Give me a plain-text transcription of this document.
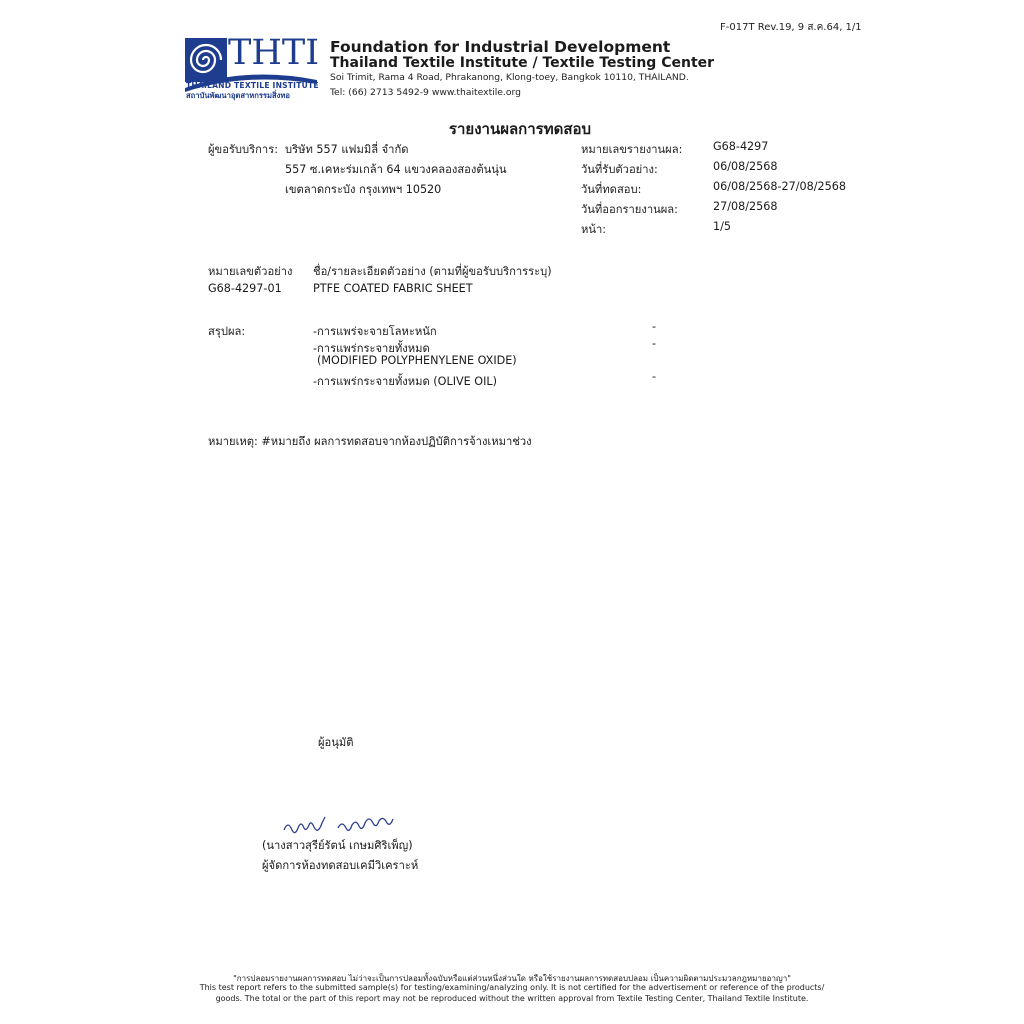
F-017T Rev.19, 9 ส.ค.64, 1/1
THTI
THAILAND TEXTILE INSTITUTE
สถาบันพัฒนาอุตสาหกรรมสิ่งทอ
Foundation for Industrial Development
Thailand Textile Institute / Textile Testing Center
Soi Trimit, Rama 4 Road, Phrakanong, Klong-toey, Bangkok 10110, THAILAND.
Tel: (66) 2713 5492-9 www.thaitextile.org
รายงานผลการทดสอบ
ผู้ขอรับบริการ: บริษัท 557 แฟมมิลี่ จำกัด
557 ซ.เคหะร่มเกล้า 64 แขวงคลองสองต้นนุ่น
เขตลาดกระบัง กรุงเทพฯ 10520
หมายเลขรายงานผล:	G68-4297
วันที่รับตัวอย่าง:	06/08/2568
วันที่ทดสอบ:	06/08/2568-27/08/2568
วันที่ออกรายงานผล:	27/08/2568
หน้า:	1/5
หมายเลขตัวอย่าง ชื่อ/รายละเอียดตัวอย่าง (ตามที่ผู้ขอรับบริการระบุ)
G68-4297-01	PTFE COATED FABRIC SHEET
สรุปผล:	-การแพร่จะจายโลหะหนัก	-
-การแพร่กระจายทั้งหมด
(MODIFIED POLYPHENYLENE OXIDE)
-
-การแพร่กระจายทั้งหมด (OLIVE OIL)	-
หมายเหตุ: #หมายถึง ผลการทดสอบจากห้องปฏิบัติการจ้างเหมาช่วง
ผู้อนุมัติ
(นางสาวสุรีย์รัตน์ เกษมศิริเพ็ญ)
ผู้จัดการห้องทดสอบเคมีวิเคราะห์
"การปลอมรายงานผลการทดสอบ ไม่ว่าจะเป็นการปลอมทั้งฉบับหรือแต่ส่วนหนึ่งส่วนใด หรือใช้รายงานผลการทดสอบปลอม เป็นความผิดตามประมวลกฎหมายอาญา"
This test report refers to the submitted sample(s) for testing/examining/analyzing only. It is not certified for the advertisement or reference of the products/
goods. The total or the part of this report may not be reproduced without the written approval from Textile Testing Center, Thailand Textile Institute.
